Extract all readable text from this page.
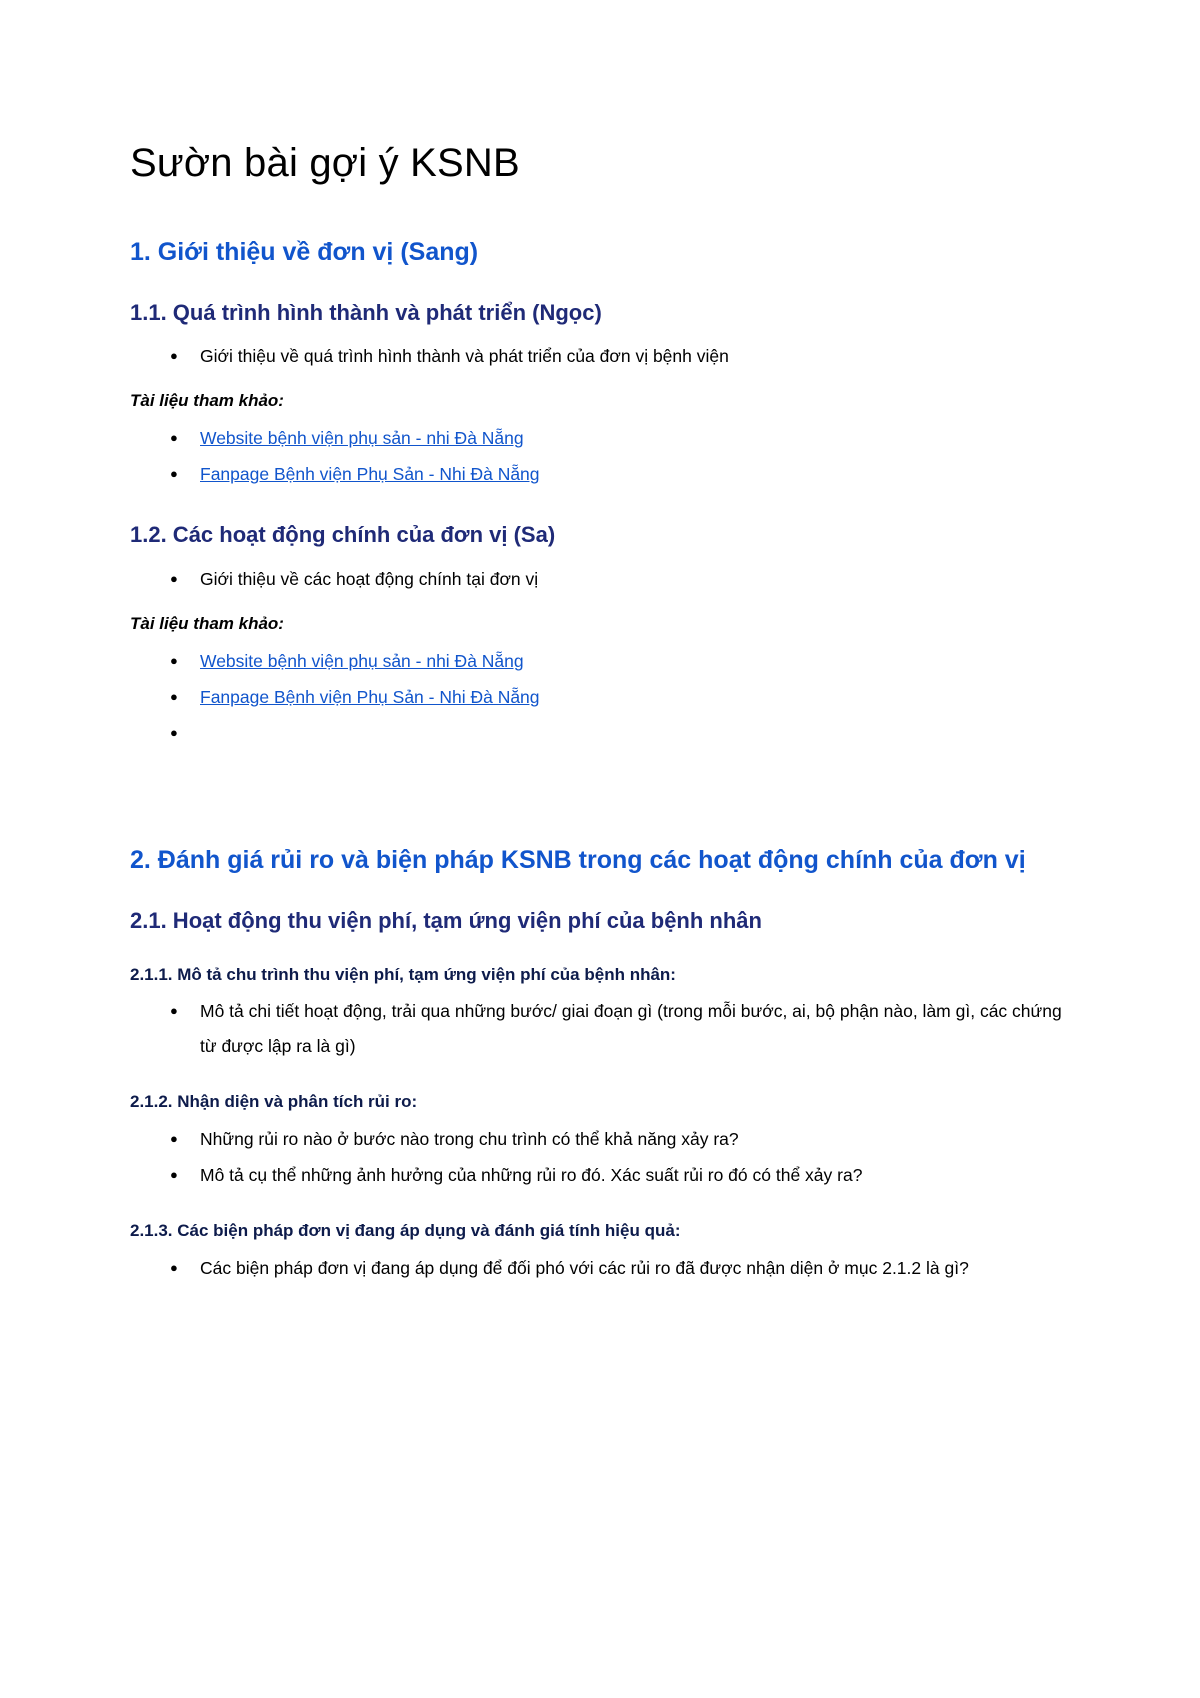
Sườn bài gợi ý KSNB
1. Giới thiệu về đơn vị (Sang)
1.1. Quá trình hình thành và phát triển (Ngọc)
● Giới thiệu về quá trình hình thành và phát triển của đơn vị bệnh viện
Tài liệu tham khảo:
● Website bệnh viện phụ sản - nhi Đà Nẵng
● Fanpage Bệnh viện Phụ Sản - Nhi Đà Nẵng
1.2. Các hoạt động chính của đơn vị (Sa)
● Giới thiệu về các hoạt động chính tại đơn vị
Tài liệu tham khảo:
● Website bệnh viện phụ sản - nhi Đà Nẵng
● Fanpage Bệnh viện Phụ Sản - Nhi Đà Nẵng
●
2. Đánh giá rủi ro và biện pháp KSNB trong các hoạt động chính của đơn vị
2.1. Hoạt động thu viện phí, tạm ứng viện phí của bệnh nhân
2.1.1. Mô tả chu trình thu viện phí, tạm ứng viện phí của bệnh nhân:
● Mô tả chi tiết hoạt động, trải qua những bước/ giai đoạn gì (trong mỗi bước, ai, bộ phận nào, làm gì, các chứng từ được lập ra là gì)
2.1.2. Nhận diện và phân tích rủi ro:
● Những rủi ro nào ở bước nào trong chu trình có thể khả năng xảy ra?
● Mô tả cụ thể những ảnh hưởng của những rủi ro đó. Xác suất rủi ro đó có thể xảy ra?
2.1.3. Các biện pháp đơn vị đang áp dụng và đánh giá tính hiệu quả:
● Các biện pháp đơn vị đang áp dụng để đối phó với các rủi ro đã được nhận diện ở mục 2.1.2 là gì?
